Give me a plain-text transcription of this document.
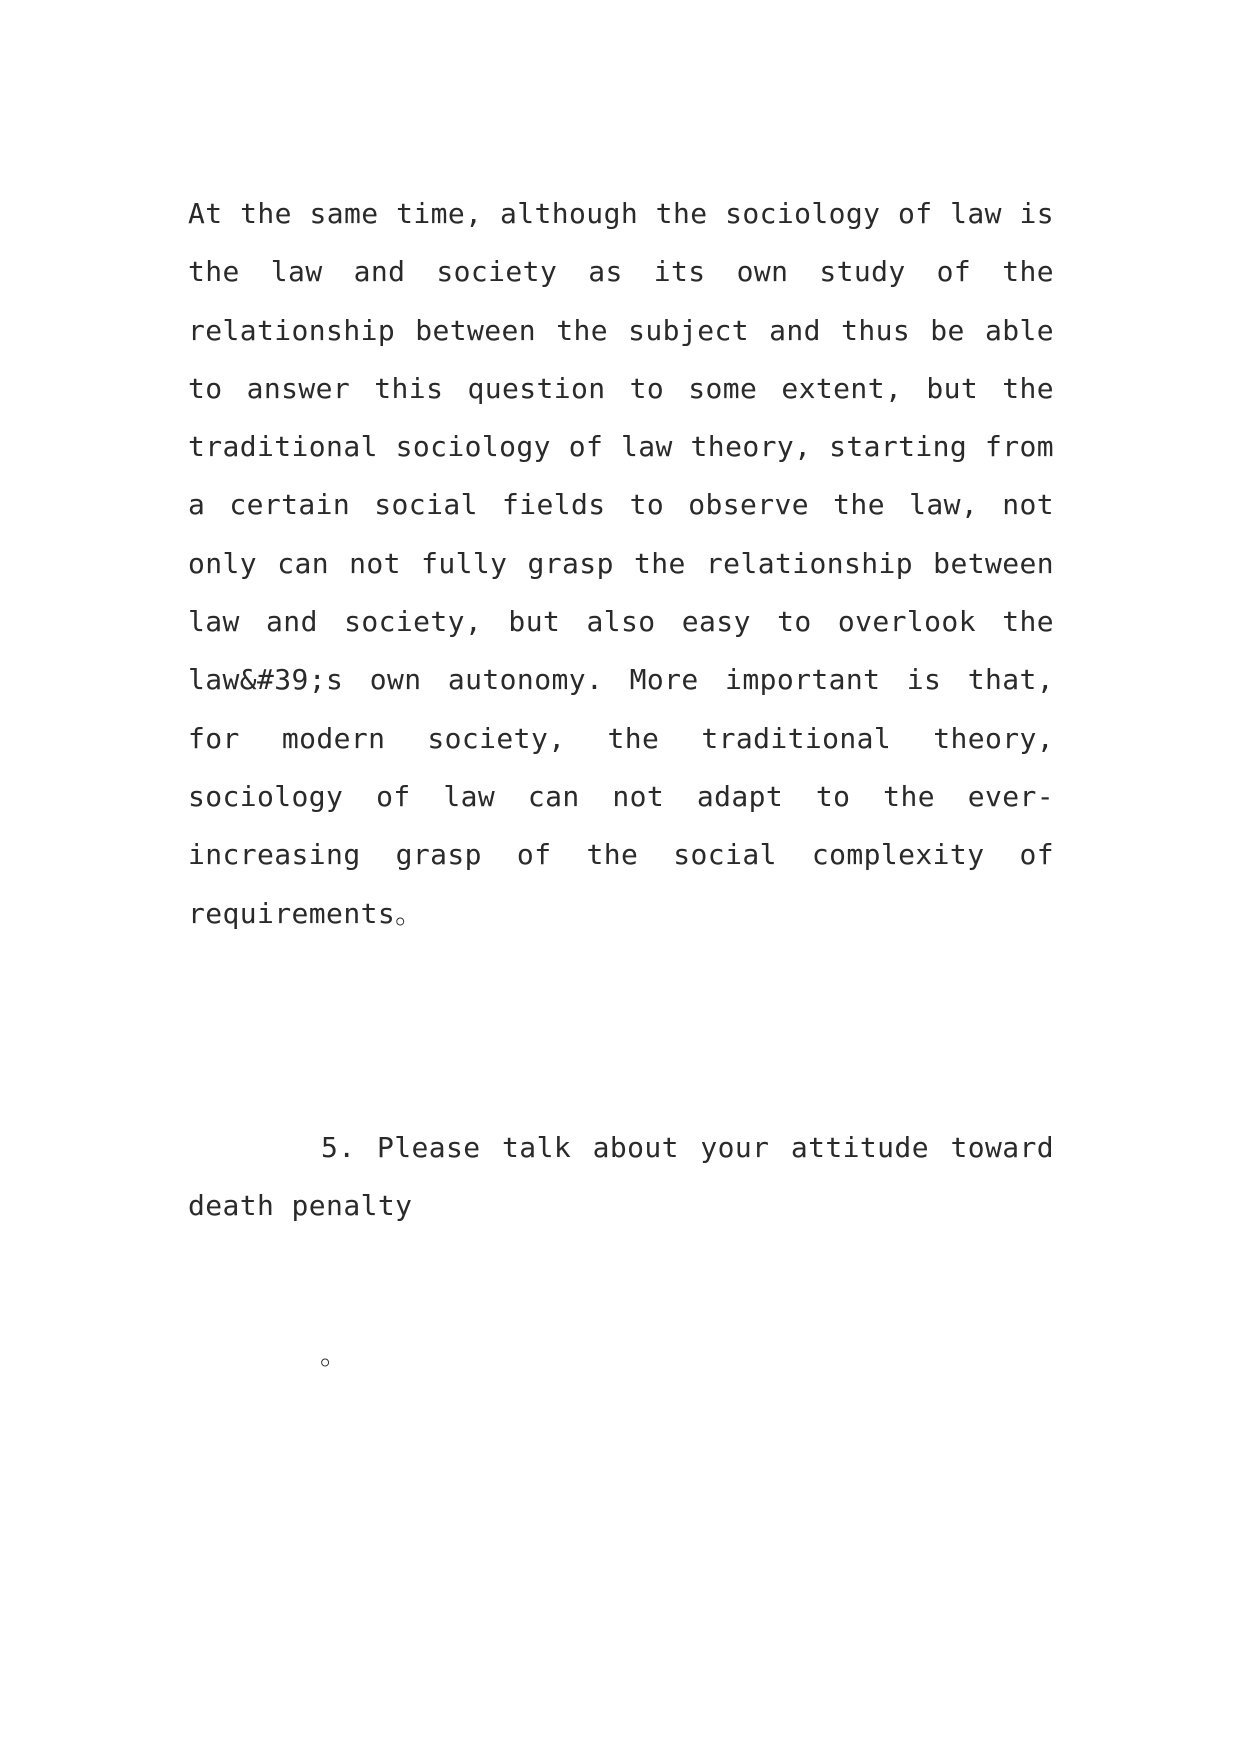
At the same time, although the sociology of law is the law and society as its own study of the relationship between the subject and thus be able to answer this question to some extent, but the traditional sociology of law theory, starting from a certain social fields to observe the law, not only can not fully grasp the relationship between law and society, but also easy to overlook the law&#39;s own autonomy. More important is that, for modern society, the traditional theory, sociology of law can not adapt to the ever-increasing grasp of the social complexity of requirements。

5. Please talk about your attitude toward death penalty

。
